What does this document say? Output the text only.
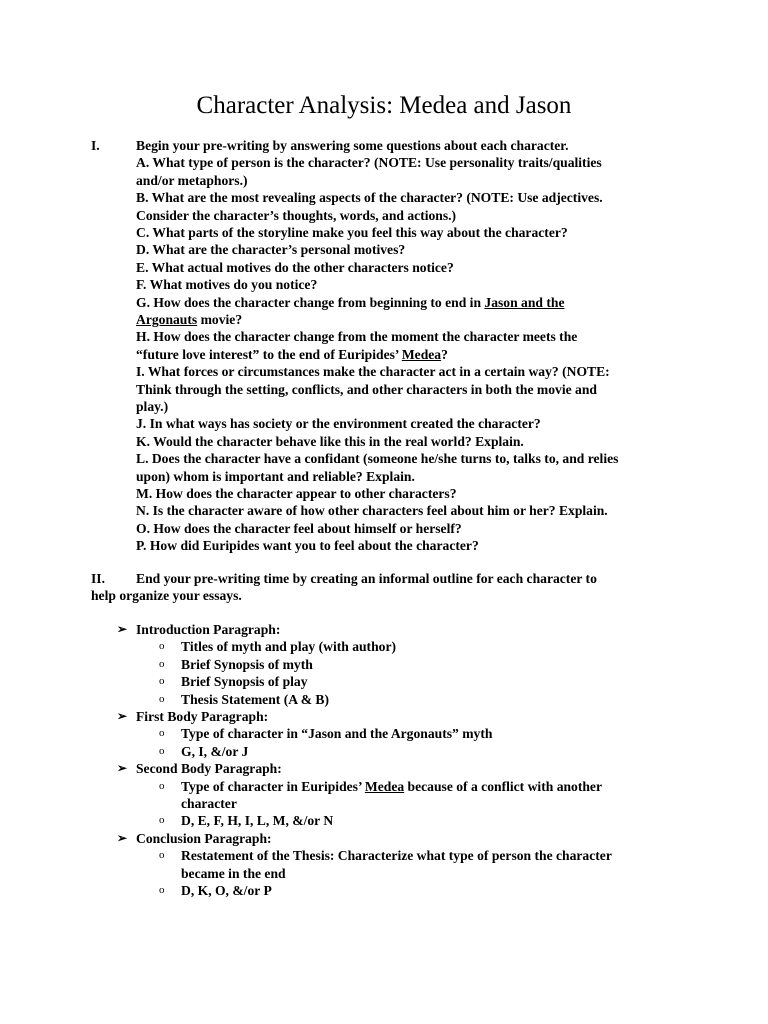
Character Analysis: Medea and Jason
I.	Begin your pre-writing by answering some questions about each character.
A. What type of person is the character? (NOTE: Use personality traits/qualities
and/or metaphors.)
B. What are the most revealing aspects of the character? (NOTE: Use adjectives.
Consider the character’s thoughts, words, and actions.)
C. What parts of the storyline make you feel this way about the character?
D. What are the character’s personal motives?
E. What actual motives do the other characters notice?
F. What motives do you notice?
G. How does the character change from beginning to end in Jason and the
Argonauts movie?
H. How does the character change from the moment the character meets the
“future love interest” to the end of Euripides’ Medea?
I. What forces or circumstances make the character act in a certain way? (NOTE:
Think through the setting, conflicts, and other characters in both the movie and
play.)
J. In what ways has society or the environment created the character?
K. Would the character behave like this in the real world? Explain.
L. Does the character have a confidant (someone he/she turns to, talks to, and relies
upon) whom is important and reliable? Explain.
M. How does the character appear to other characters?
N. Is the character aware of how other characters feel about him or her? Explain.
O. How does the character feel about himself or herself?
P. How did Euripides want you to feel about the character?
II. End your pre-writing time by creating an informal outline for each character to
help organize your essays.
➢ Introduction Paragraph:
o Titles of myth and play (with author)
o Brief Synopsis of myth
o Brief Synopsis of play
o Thesis Statement (A & B)
➢ First Body Paragraph:
o Type of character in “Jason and the Argonauts” myth
o G, I, &/or J
➢ Second Body Paragraph:
o Type of character in Euripides’ Medea because of a conflict with another
character
o D, E, F, H, I, L, M, &/or N
➢ Conclusion Paragraph:
o Restatement of the Thesis: Characterize what type of person the character
became in the end
o D, K, O, &/or P
